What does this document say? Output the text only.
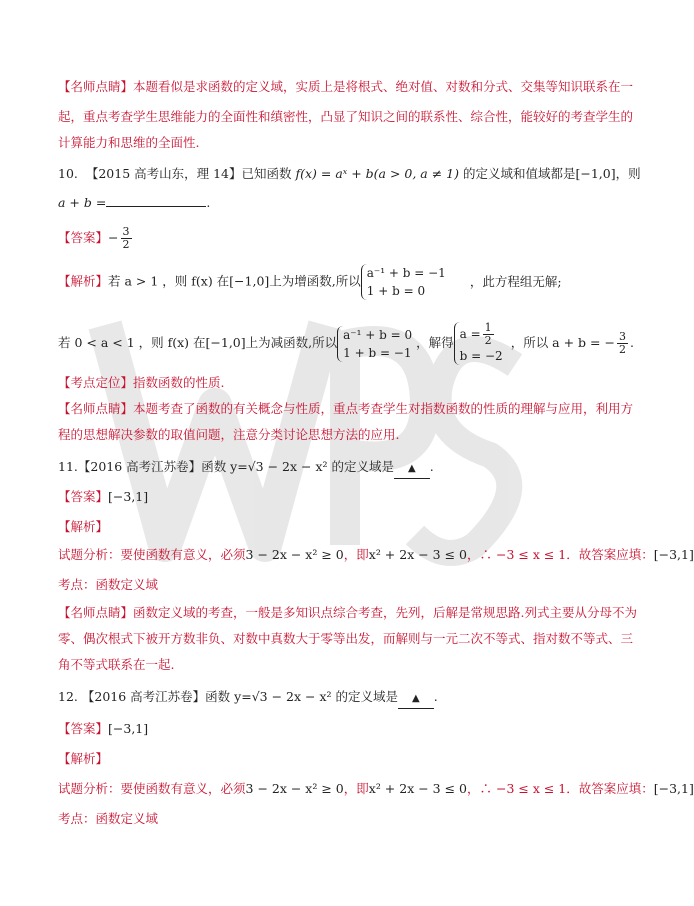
【名师点睛】本题看似是求函数的定义域，实质上是将根式、绝对值、对数和分式、交集等知识联系在一
起，重点考查学生思维能力的全面性和缜密性，凸显了知识之间的联系性、综合性，能较好的考查学生的
计算能力和思维的全面性.
10. 【2015 高考山东，理 14】已知函数 f(x) = aˣ + b(a > 0, a ≠ 1) 的定义域和值域都是[−1,0]，则
a + b =	.
【答案】− $\frac{3}{2}$
【解析】若 a > 1 ，则 f(x) 在[−1,0]上为增函数,所以
a⁻¹ + b = −1
1 + b = 0
，此方程组无解;
若 0 < a < 1 ，则 f(x) 在[−1,0]上为减函数,所以
a⁻¹ + b = 0
1 + b = −1
，解得
$a = \frac{1}{2}$
b = −2
，所以 a + b = − $\frac{3}{2}$ .
【考点定位】指数函数的性质.
【名师点睛】本题考查了函数的有关概念与性质，重点考查学生对指数函数的性质的理解与应用，利用方
程的思想解决参数的取值问题，注意分类讨论思想方法的应用.
11.【2016 高考江苏卷】函数 y=√3 − 2x − x² 的定义域是 ▲ .
【答案】[−3,1]
【解析】
试题分析：要使函数有意义，必须3 − 2x − x² ≥ 0，即x² + 2x − 3 ≤ 0，∴ −3 ≤ x ≤ 1．故答案应填：[−3,1]
考点：函数定义域
【名师点睛】函数定义域的考查，一般是多知识点综合考查，先列，后解是常规思路.列式主要从分母不为
零、偶次根式下被开方数非负、对数中真数大于零等出发，而解则与一元二次不等式、指对数不等式、三
角不等式联系在一起.
12. 【2016 高考江苏卷】函数 y=√3 − 2x − x² 的定义域是 ▲ .
【答案】[−3,1]
【解析】
试题分析：要使函数有意义，必须3 − 2x − x² ≥ 0，即x² + 2x − 3 ≤ 0，∴ −3 ≤ x ≤ 1．故答案应填：[−3,1]
考点：函数定义域
